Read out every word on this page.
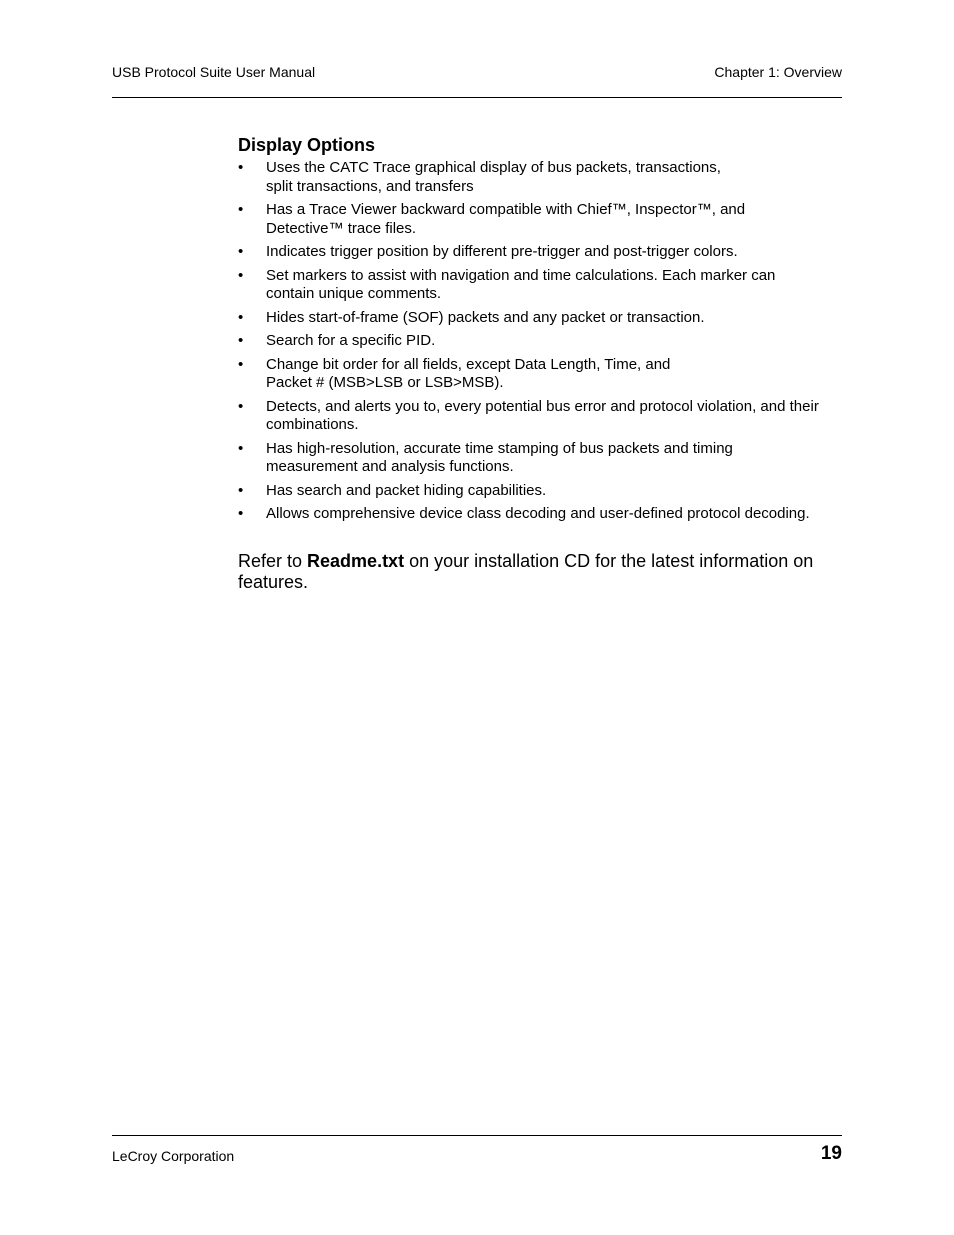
USB Protocol Suite User Manual	Chapter 1: Overview
Display Options
• Uses the CATC Trace graphical display of bus packets, transactions,
split transactions, and transfers
• Has a Trace Viewer backward compatible with Chief™, Inspector™, and
Detective™ trace files.
• Indicates trigger position by different pre-trigger and post-trigger colors.
• Set markers to assist with navigation and time calculations. Each marker can
contain unique comments.
• Hides start-of-frame (SOF) packets and any packet or transaction.
• Search for a specific PID.
• Change bit order for all fields, except Data Length, Time, and
Packet # (MSB>LSB or LSB>MSB).
• Detects, and alerts you to, every potential bus error and protocol violation, and their
combinations.
• Has high-resolution, accurate time stamping of bus packets and timing
measurement and analysis functions.
• Has search and packet hiding capabilities.
• Allows comprehensive device class decoding and user-defined protocol decoding.

Refer to Readme.txt on your installation CD for the latest information on features.

LeCroy Corporation	19
